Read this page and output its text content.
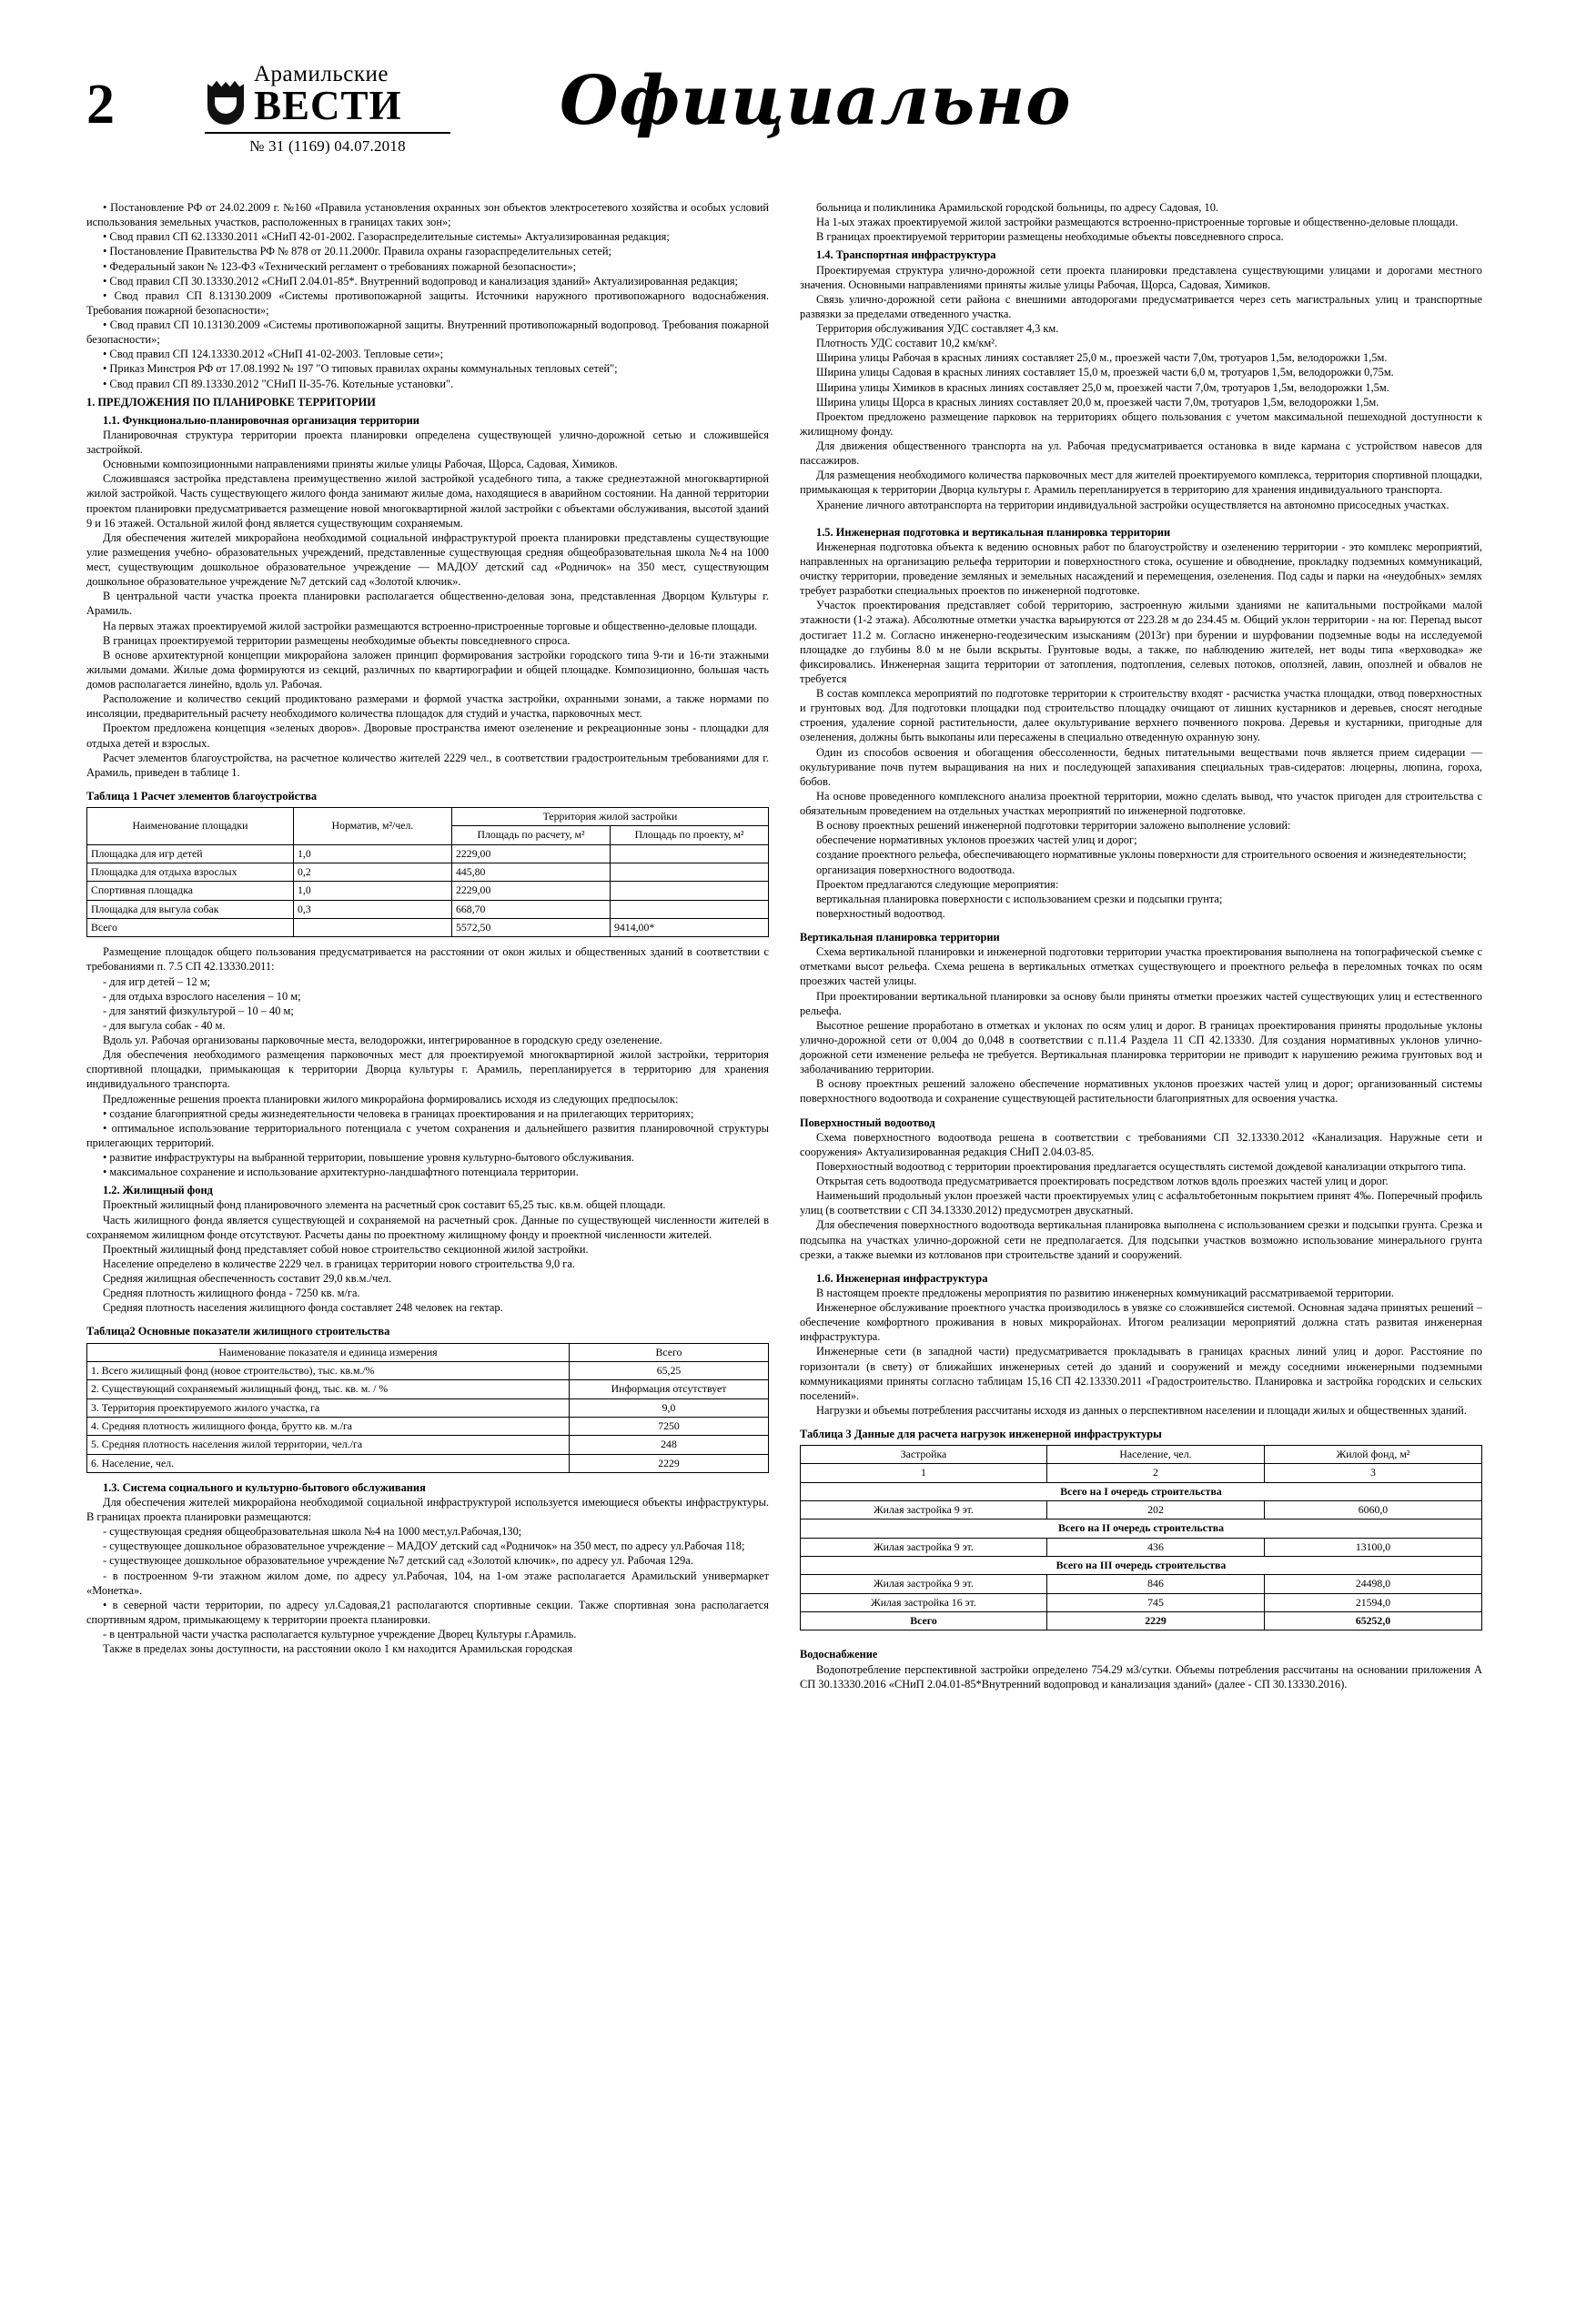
2	Арамильские
ВЕСТИ
№ 31 (1169) 04.07.2018
Официально

• Постановление РФ от 24.02.2009 г. №160 «Правила установления охранных зон объектов электросетевого хозяйства и особых условий использования земельных участков, расположенных в границах таких зон»;

• Свод правил СП 62.13330.2011 «СНиП 42-01-2002. Газораспределительные системы» Актуализированная редакция;

• Постановление Правительства РФ № 878 от 20.11.2000г. Правила охраны газораспределительных сетей;

• Федеральный закон № 123-ФЗ «Технический регламент о требованиях пожарной безопасности»;

• Свод правил СП 30.13330.2012 «СНиП 2.04.01-85*. Внутренний водопровод и канализация зданий» Актуализированная редакция;

• Свод правил СП 8.13130.2009 «Системы противопожарной защиты. Источники наружного противопожарного водоснабжения. Требования пожарной безопасности»;

• Свод правил СП 10.13130.2009 «Системы противопожарной защиты. Внутренний противопожарный водопровод. Требования пожарной безопасности»;

• Свод правил СП 124.13330.2012 «СНиП 41-02-2003. Тепловые сети»;

• Приказ Минстроя РФ от 17.08.1992 № 197 "О типовых правилах охраны коммунальных тепловых сетей";

• Свод правил СП 89.13330.2012 "СНиП II-35-76. Котельные установки".

1. ПРЕДЛОЖЕНИЯ ПО ПЛАНИРОВКЕ ТЕРРИТОРИИ

1.1. Функционально-планировочная организация территории

Планировочная структура территории проекта планировки определена существующей улично-дорожной сетью и сложившейся застройкой.

Основными композиционными направлениями приняты жилые улицы Рабочая, Щорса, Садовая, Химиков.

Сложившаяся застройка представлена преимущественно жилой застройкой усадебного типа, а также среднеэтажной многоквартирной жилой застройкой. Часть существующего жилого фонда занимают жилые дома, находящиеся в аварийном состоянии. На данной территории проектом планировки предусматривается размещение новой многоквартирной жилой застройки с объектами обслуживания, высотой зданий 9 и 16 этажей. Остальной жилой фонд является существующим сохраняемым.

Для обеспечения жителей микрорайона необходимой социальной инфраструктурой проекта планировки представлены существующие улие размещения учебно- образовательных учреждений, представленные существующая средняя общеобразовательная школа №4 на 1000 мест, существующим дошкольное образовательное учреждение — МАДОУ детский сад «Родничок» на 350 мест, существующим дошкольное образовательное учреждение №7 детский сад «Золотой ключик».

В центральной части участка проекта планировки располагается общественно-деловая зона, представленная Дворцом Культуры г. Арамиль.

На первых этажах проектируемой жилой застройки размещаются встроенно-пристроенные торговые и общественно-деловые площади.

В границах проектируемой территории размещены необходимые объекты повседневного спроса.

В основе архитектурной концепции микрорайона заложен принцип формирования застройки городского типа 9-ти и 16-ти этажными жилыми домами. Жилые дома формируются из секций, различных по квартирографии и общей площадке. Композиционно, большая часть домов располагается линейно, вдоль ул. Рабочая.

Расположение и количество секций продиктовано размерами и формой участка застройки, охранными зонами, а также нормами по инсоляции, предварительный расчету необходимого количества площадок для студий и участка, парковочных мест.

Проектом предложена концепция «зеленых дворов». Дворовые пространства имеют озеленение и рекреационные зоны - площадки для отдыха детей и взрослых.

Расчет элементов благоустройства, на расчетное количество жителей 2229 чел., в соответствии градостроительным требованиями для г. Арамиль, приведен в таблице 1.

Таблица 1 Расчет элементов благоустройства
Наименование площадки	Норматив, м²/чел.	Территория жилой застройки	
		Площадь по расчету, м²	Площадь по проекту, м²
Площадка для игр детей	1,0	2229,00	
Площадка для отдыха взрослых	0,2	445,80	
Спортивная площадка	1,0	2229,00	
Площадка для выгула собак	0,3	668,70	
Всего		5572,50	9414,00*

Размещение площадок общего пользования предусматривается на расстоянии от окон жилых и общественных зданий в соответствии с требованиями п. 7.5 СП 42.13330.2011:

- для игр детей – 12 м;

- для отдыха взрослого населения – 10 м;

- для занятий физкультурой – 10 – 40 м;

- для выгула собак - 40 м.

Вдоль ул. Рабочая организованы парковочные места, велодорожки, интегрированное в городскую среду озеленение.

Для обеспечения необходимого размещения парковочных мест для проектируемой многоквартирной жилой застройки, территория спортивной площадки, примыкающая к территории Дворца культуры г. Арамиль, перепланируется в территорию для хранения индивидуального транспорта.

Предложенные решения проекта планировки жилого микрорайона формировались исходя из следующих предпосылок:

• создание благоприятной среды жизнедеятельности человека в границах проектирования и на прилегающих территориях;

• оптимальное использование территориального потенциала с учетом сохранения и дальнейшего развития планировочной структуры прилегающих территорий.

• развитие инфраструктуры на выбранной территории, повышение уровня культурно-бытового обслуживания.

• максимальное сохранение и использование архитектурно-ландшафтного потенциала территории.

1.2. Жилищный фонд

Проектный жилищный фонд планировочного элемента на расчетный срок составит 65,25 тыс. кв.м. общей площади.

Часть жилищного фонда является существующей и сохраняемой на расчетный срок. Данные по существующей численности жителей в сохраняемом жилищном фонде отсутствуют. Расчеты даны по проектному жилищному фонду и проектной численности жителей.

Проектный жилищный фонд представляет собой новое строительство секционной жилой застройки.

Население определено в количестве 2229 чел. в границах территории нового строительства 9,0 га.

Средняя жилищная обеспеченность составит 29,0 кв.м./чел.

Средняя плотность жилищного фонда - 7250 кв. м/га.

Средняя плотность населения жилищного фонда составляет 248 человек на гектар.

Таблица2 Основные показатели жилищного строительства
Наименование показателя и единица измерения	Всего
1. Всего жилищный фонд (новое строительство), тыс. кв.м./%	65,25
2. Существующий сохраняемый жилищный фонд, тыс. кв. м. / %	Информация отсутствует
3. Территория проектируемого жилого участка, га	9,0
4. Средняя плотность жилищного фонда, брутто кв. м./га	7250
5. Средняя плотность населения жилой территории, чел./га	248
6. Население, чел.	2229

1.3. Система социального и культурно-бытового обслуживания

Для обеспечения жителей микрорайона необходимой социальной инфраструктурой используется имеющиеся объекты инфраструктуры. В границах проекта планировки размещаются:

- существующая средняя общеобразовательная школа №4 на 1000 мест,ул.Рабочая,130;

- существующее дошкольное образовательное учреждение – МАДОУ детский сад «Родничок» на 350 мест, по адресу ул.Рабочая 118;

- существующее дошкольное образовательное учреждение №7 детский сад «Золотой ключик», по адресу ул. Рабочая 129а.

- в построенном 9-ти этажном жилом доме, по адресу ул.Рабочая, 104, на 1-ом этаже располагается Арамильский универмаркет «Монетка».

• в северной части территории, по адресу ул.Садовая,21 располагаются спортивные секции. Также спортивная зона располагается спортивным ядром, примыкающему к территории проекта планировки.

- в центральной части участка располагается культурное учреждение Дворец Культуры г.Арамиль.

Также в пределах зоны доступности, на расстоянии около 1 км находится Арамильская городская

больница и поликлиника Арамильской городской больницы, по адресу Садовая, 10.

На 1-ых этажах проектируемой жилой застройки размещаются встроенно-пристроенные торговые и общественно-деловые площади.

В границах проектируемой территории размещены необходимые объекты повседневного спроса.

1.4. Транспортная инфраструктура

Проектируемая структура улично-дорожной сети проекта планировки представлена существующими улицами и дорогами местного значения. Основными направлениями приняты жилые улицы Рабочая, Щорса, Садовая, Химиков.

Связь улично-дорожной сети района с внешними автодорогами предусматривается через сеть магистральных улиц и транспортные развязки за пределами отведенного участка.

Территория обслуживания УДС составляет 4,3 км.

Плотность УДС составит 10,2 км/км².

Ширина улицы Рабочая в красных линиях составляет 25,0 м., проезжей части 7,0м, тротуаров 1,5м, велодорожки 1,5м.

Ширина улицы Садовая в красных линиях составляет 15,0 м, проезжей части 6,0 м, тротуаров 1,5м, велодорожки 0,75м.

Ширина улицы Химиков в красных линиях составляет 25,0 м, проезжей части 7,0м, тротуаров 1,5м, велодорожки 1,5м.

Ширина улицы Щорса в красных линиях составляет 20,0 м, проезжей части 7,0м, тротуаров 1,5м, велодорожки 1,5м.

Проектом предложено размещение парковок на территориях общего пользования с учетом максимальной пешеходной доступности к жилищному фонду.

Для движения общественного транспорта на ул. Рабочая предусматривается остановка в виде кармана с устройством навесов для пассажиров.

Для размещения необходимого количества парковочных мест для жителей проектируемого комплекса, территория спортивной площадки, примыкающая к территории Дворца культуры г. Арамиль перепланируется в территорию для хранения индивидуального транспорта.

Хранение личного автотранспорта на территории индивидуальной застройки осуществляется на автономно присоседных участках.

1.5. Инженерная подготовка и вертикальная планировка территории

Инженерная подготовка объекта к ведению основных работ по благоустройству и озеленению территории - это комплекс мероприятий, направленных на организацию рельефа территории и поверхностного стока, осушение и обводнение, прокладку подземных коммуникаций, очистку территории, проведение земляных и земельных насаждений и перемещения, озеленения. Под сады и парки на «неудобных» землях требует разработки специальных проектов по инженерной подготовке.

Участок проектирования представляет собой территорию, застроенную жилыми зданиями не капитальными постройками малой этажности (1-2 этажа). Абсолютные отметки участка варьируются от 223.28 м до 234.45 м. Общий уклон территории - на юг. Перепад высот достигает 11.2 м. Согласно инженерно-геодезическим изысканиям (2013г) при бурении и шурфовании подземные воды на исследуемой площадке до глубины 8.0 м не были вскрыты. Грунтовые воды, а также, по наблюдению жителей, нет воды типа «верховодка» же фиксировались. Инженерная защита территории от затопления, подтопления, селевых потоков, оползней, лавин, опозлней и обвалов не требуется

В состав комплекса мероприятий по подготовке территории к строительству входят - расчистка участка площадки, отвод поверхностных и грунтовых вод. Для подготовки площадки под строительство площадку очищают от лишних кустарников и деревьев, сносят негодные строения, удаление сорной растительности, далее окультуривание верхнего почвенного покрова. Деревья и кустарники, пригодные для озеленения, должны быть выкопаны или пересажены в специально отведенную охранную зону.

Один из способов освоения и обогащения обессоленности, бедных питательными веществами почв является прием сидерации — окультуривание почв путем выращивания на них и последующей запахивания специальных трав-сидератов: люцерны, люпина, гороха, бобов.

На основе проведенного комплексного анализа проектной территории, можно сделать вывод, что участок пригоден для строительства с обязательным проведением на отдельных участках мероприятий по инженерной подготовке.

В основу проектных решений инженерной подготовки территории заложено выполнение условий:

обеспечение нормативных уклонов проезжих частей улиц и дорог;

создание проектного рельефа, обеспечивающего нормативные уклоны поверхности для строительного освоения и жизнедеятельности;

организация поверхностного водоотвода.

Проектом предлагаются следующие мероприятия:

вертикальная планировка поверхности с использованием срезки и подсыпки грунта;

поверхностный водоотвод.

Вертикальная планировка территории

Схема вертикальной планировки и инженерной подготовки территории участка проектирования выполнена на топографической съемке с отметками высот рельефа. Схема решена в вертикальных отметках существующего и проектного рельефа в переломных точках по осям проезжих частей улицы.

При проектировании вертикальной планировки за основу были приняты отметки проезжих частей существующих улиц и естественного рельефа.

Высотное решение проработано в отметках и уклонах по осям улиц и дорог. В границах проектирования приняты продольные уклоны улично-дорожной сети от 0,004 до 0,048 в соответствии с п.11.4 Раздела 11 СП 42.13330. Для создания нормативных уклонов улично-дорожной сети изменение рельефа не требуется. Вертикальная планировка территории не приводит к нарушению режима грунтовых вод и заболачиванию территории.

В основу проектных решений заложено обеспечение нормативных уклонов проезжих частей улиц и дорог; организованный системы поверхностного водоотвода и сохранение существующей растительности благоприятных для освоения участка.

Поверхностный водоотвод

Схема поверхностного водоотвода решена в соответствии с требованиями СП 32.13330.2012 «Канализация. Наружные сети и сооружения» Актуализированная редакция СНиП 2.04.03-85.

Поверхностный водоотвод с территории проектирования предлагается осуществлять системой дождевой канализации открытого типа.

Открытая сеть водоотвода предусматривается проектировать посредством лотков вдоль проезжих частей улиц и дорог.

Наименьший продольный уклон проезжей части проектируемых улиц с асфальтобетонным покрытием принят 4‰. Поперечный профиль улиц (в соответствии с СП 34.13330.2012) предусмотрен двускатный.

Для обеспечения поверхностного водоотвода вертикальная планировка выполнена с использованием срезки и подсыпки грунта. Срезка и подсыпка на участках улично-дорожной сети не предполагается. Для подсыпки участков возможно использование минерального грунта срезки, а также выемки из котлованов при строительстве зданий и сооружений.

1.6. Инженерная инфраструктура

В настоящем проекте предложены мероприятия по развитию инженерных коммуникаций рассматриваемой территории.

Инженерное обслуживание проектного участка производилось в увязке со сложившейся системой. Основная задача принятых решений – обеспечение комфортного проживания в новых микрорайонах. Итогом реализации мероприятий должна стать развитая инженерная инфраструктура.

Инженерные сети (в западной части) предусматривается прокладывать в границах красных линий улиц и дорог. Расстояние по горизонтали (в свету) от ближайших инженерных сетей до зданий и сооружений и между соседними инженерными подземными коммуникациями приняты согласно таблицам 15,16 СП 42.13330.2011 «Градостроительство. Планировка и застройка городских и сельских поселений».

Нагрузки и объемы потребления рассчитаны исходя из данных о перспективном населении и площади жилых и общественных зданий.

Таблица 3 Данные для расчета нагрузок инженерной инфраструктуры
Застройка	Население, чел.	Жилой фонд, м²
1	2	3
Всего на I очередь строительства		
Жилая застройка 9 эт.	202	6060,0
Всего на II очередь строительства		
Жилая застройка 9 эт.	436	13100,0
Всего на III очередь строительства		
Жилая застройка 9 эт.	846	24498,0
Жилая застройка 16 эт.	745	21594,0
Всего	2229	65252,0

Водоснабжение

Водопотребление перспективной застройки определено 754.29 м3/сутки. Объемы потребления рассчитаны на основании приложения А СП 30.13330.2016 «СНиП 2.04.01-85*Внутренний водопровод и канализация зданий» (далее - СП 30.13330.2016).
